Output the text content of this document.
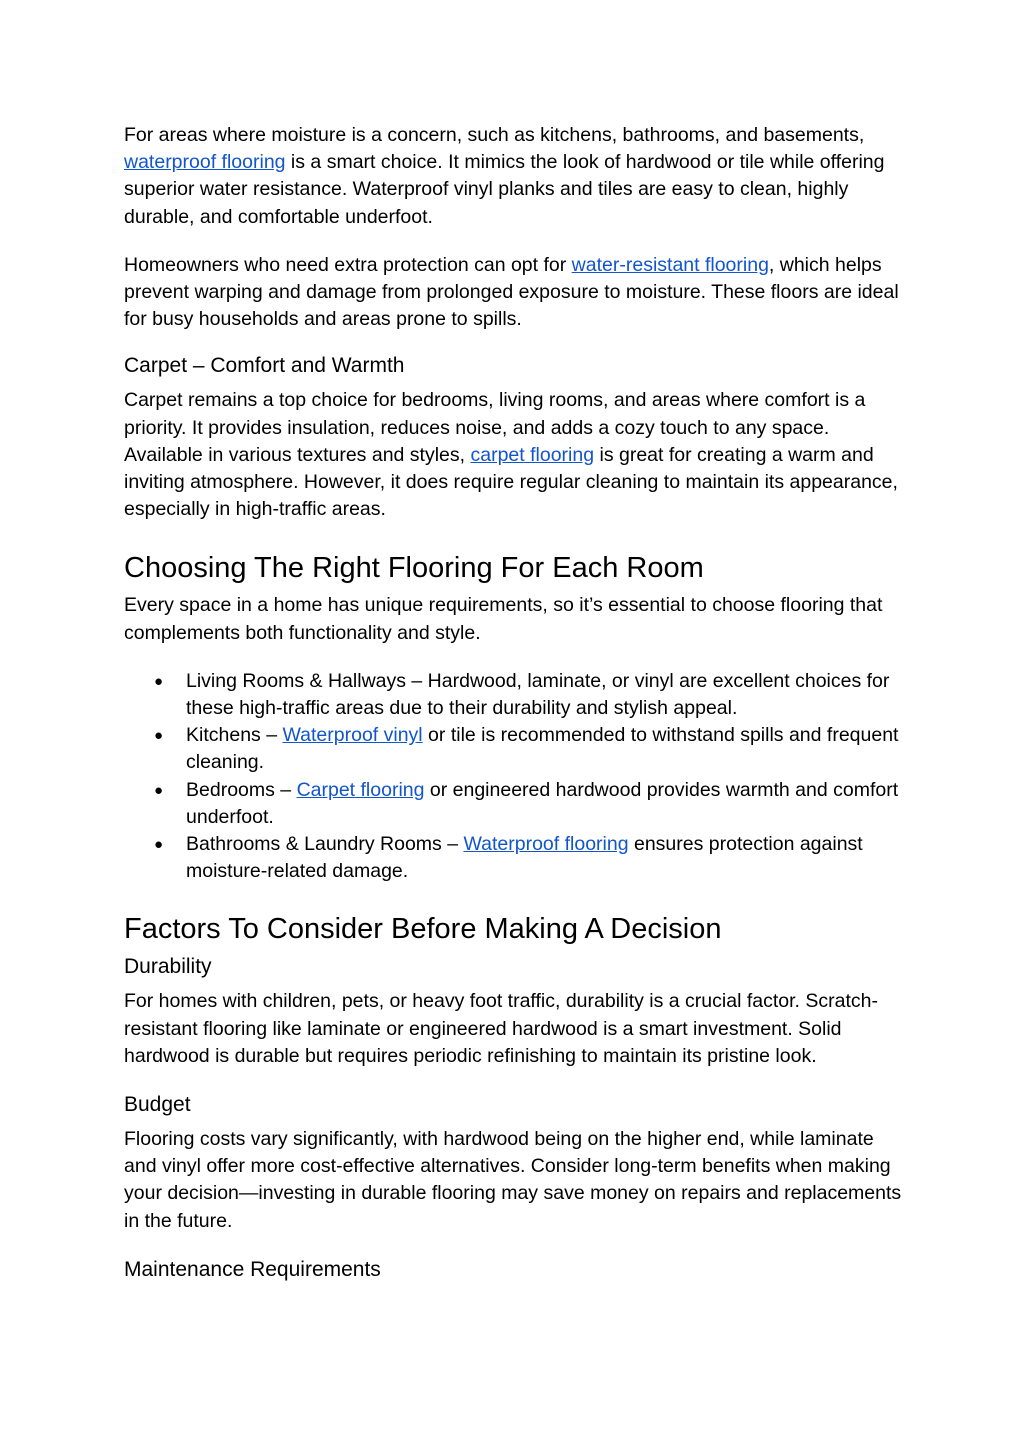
For areas where moisture is a concern, such as kitchens, bathrooms, and basements, waterproof flooring is a smart choice. It mimics the look of hardwood or tile while offering superior water resistance. Waterproof vinyl planks and tiles are easy to clean, highly durable, and comfortable underfoot.

Homeowners who need extra protection can opt for water-resistant flooring, which helps prevent warping and damage from prolonged exposure to moisture. These floors are ideal for busy households and areas prone to spills.

Carpet – Comfort and Warmth

Carpet remains a top choice for bedrooms, living rooms, and areas where comfort is a priority. It provides insulation, reduces noise, and adds a cozy touch to any space. Available in various textures and styles, carpet flooring is great for creating a warm and inviting atmosphere. However, it does require regular cleaning to maintain its appearance, especially in high-traffic areas.

Choosing The Right Flooring For Each Room

Every space in a home has unique requirements, so it’s essential to choose flooring that complements both functionality and style.

● Living Rooms & Hallways – Hardwood, laminate, or vinyl are excellent choices for these high-traffic areas due to their durability and stylish appeal.
● Kitchens – Waterproof vinyl or tile is recommended to withstand spills and frequent cleaning.
● Bedrooms – Carpet flooring or engineered hardwood provides warmth and comfort underfoot.
● Bathrooms & Laundry Rooms – Waterproof flooring ensures protection against moisture-related damage.
Factors To Consider Before Making A Decision
Durability

For homes with children, pets, or heavy foot traffic, durability is a crucial factor. Scratch-resistant flooring like laminate or engineered hardwood is a smart investment. Solid hardwood is durable but requires periodic refinishing to maintain its pristine look.

Budget

Flooring costs vary significantly, with hardwood being on the higher end, while laminate and vinyl offer more cost-effective alternatives. Consider long-term benefits when making your decision—investing in durable flooring may save money on repairs and replacements in the future.

Maintenance Requirements
